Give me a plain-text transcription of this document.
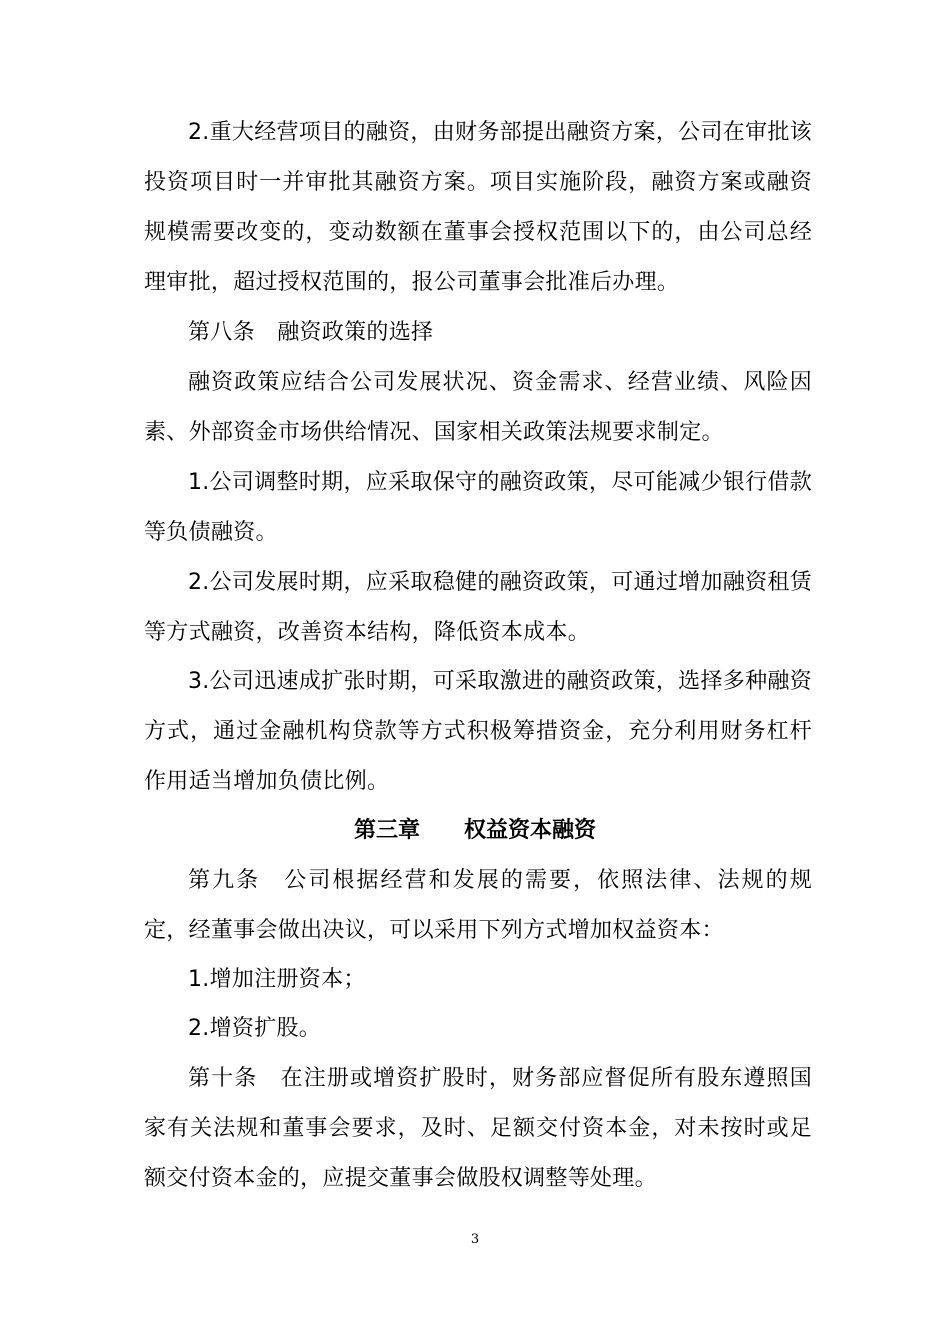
2.重大经营项目的融资，由财务部提出融资方案，公司在审批该投资项目时一并审批其融资方案。项目实施阶段，融资方案或融资规模需要改变的，变动数额在董事会授权范围以下的，由公司总经理审批，超过授权范围的，报公司董事会批准后办理。

第八条　融资政策的选择

融资政策应结合公司发展状况、资金需求、经营业绩、风险因素、外部资金市场供给情况、国家相关政策法规要求制定。

1.公司调整时期，应采取保守的融资政策，尽可能减少银行借款等负债融资。

2.公司发展时期，应采取稳健的融资政策，可通过增加融资租赁等方式融资，改善资本结构，降低资本成本。

3.公司迅速成扩张时期，可采取激进的融资政策，选择多种融资方式，通过金融机构贷款等方式积极筹措资金，充分利用财务杠杆作用适当增加负债比例。

第三章　　权益资本融资

第九条　公司根据经营和发展的需要，依照法律、法规的规定，经董事会做出决议，可以采用下列方式增加权益资本：

1.增加注册资本；

2.增资扩股。

第十条　在注册或增资扩股时，财务部应督促所有股东遵照国家有关法规和董事会要求，及时、足额交付资本金，对未按时或足额交付资本金的，应提交董事会做股权调整等处理。

3
